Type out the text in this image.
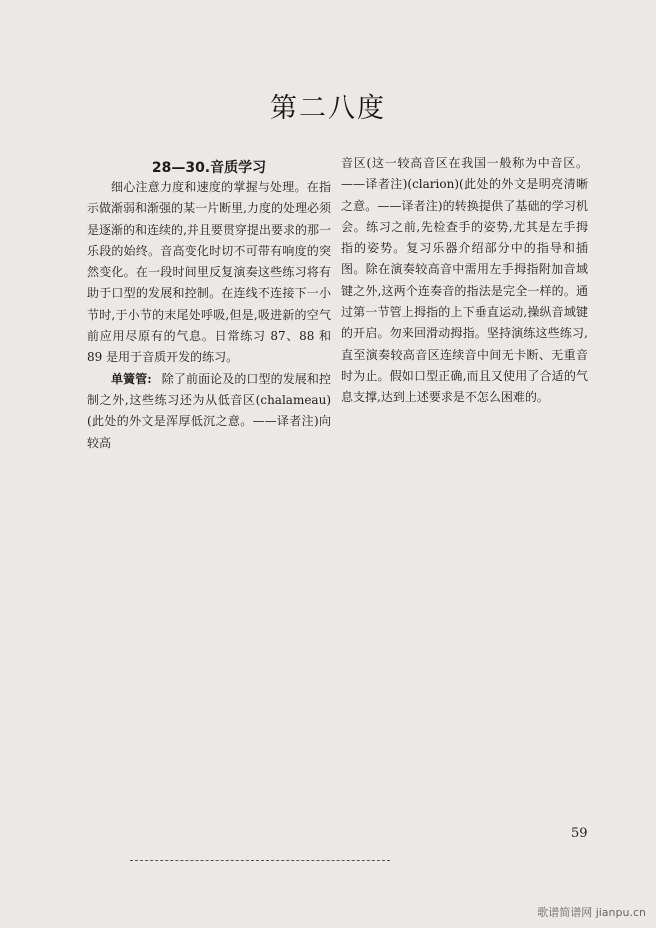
第二八度
28—30.音质学习

细心注意力度和速度的掌握与处理。在指示做渐弱和渐强的某一片断里,力度的处理必须是逐渐的和连续的,并且要贯穿提出要求的那一乐段的始终。音高变化时切不可带有响度的突然变化。在一段时间里反复演奏这些练习将有助于口型的发展和控制。在连线不连接下一小节时,于小节的末尾处呼吸,但是,吸进新的空气前应用尽原有的气息。日常练习 87、88 和 89 是用于音质开发的练习。

单簧管: 除了前面论及的口型的发展和控制之外,这些练习还为从低音区(chalameau)(此处的外文是浑厚低沉之意。——译者注)向较高

音区(这一较高音区在我国一般称为中音区。——译者注)(clarion)(此处的外文是明亮清晰之意。——译者注)的转换提供了基础的学习机会。练习之前,先检查手的姿势,尤其是左手拇指的姿势。复习乐器介绍部分中的指导和插图。除在演奏较高音中需用左手拇指附加音域键之外,这两个连奏音的指法是完全一样的。通过第一节管上拇指的上下垂直运动,操纵音域键的开启。勿来回滑动拇指。坚持演练这些练习,直至演奏较高音区连续音中间无卡断、无重音时为止。假如口型正确,而且又使用了合适的气息支撑,达到上述要求是不怎么困难的。

59
歌谱简谱网 jianpu.cn
